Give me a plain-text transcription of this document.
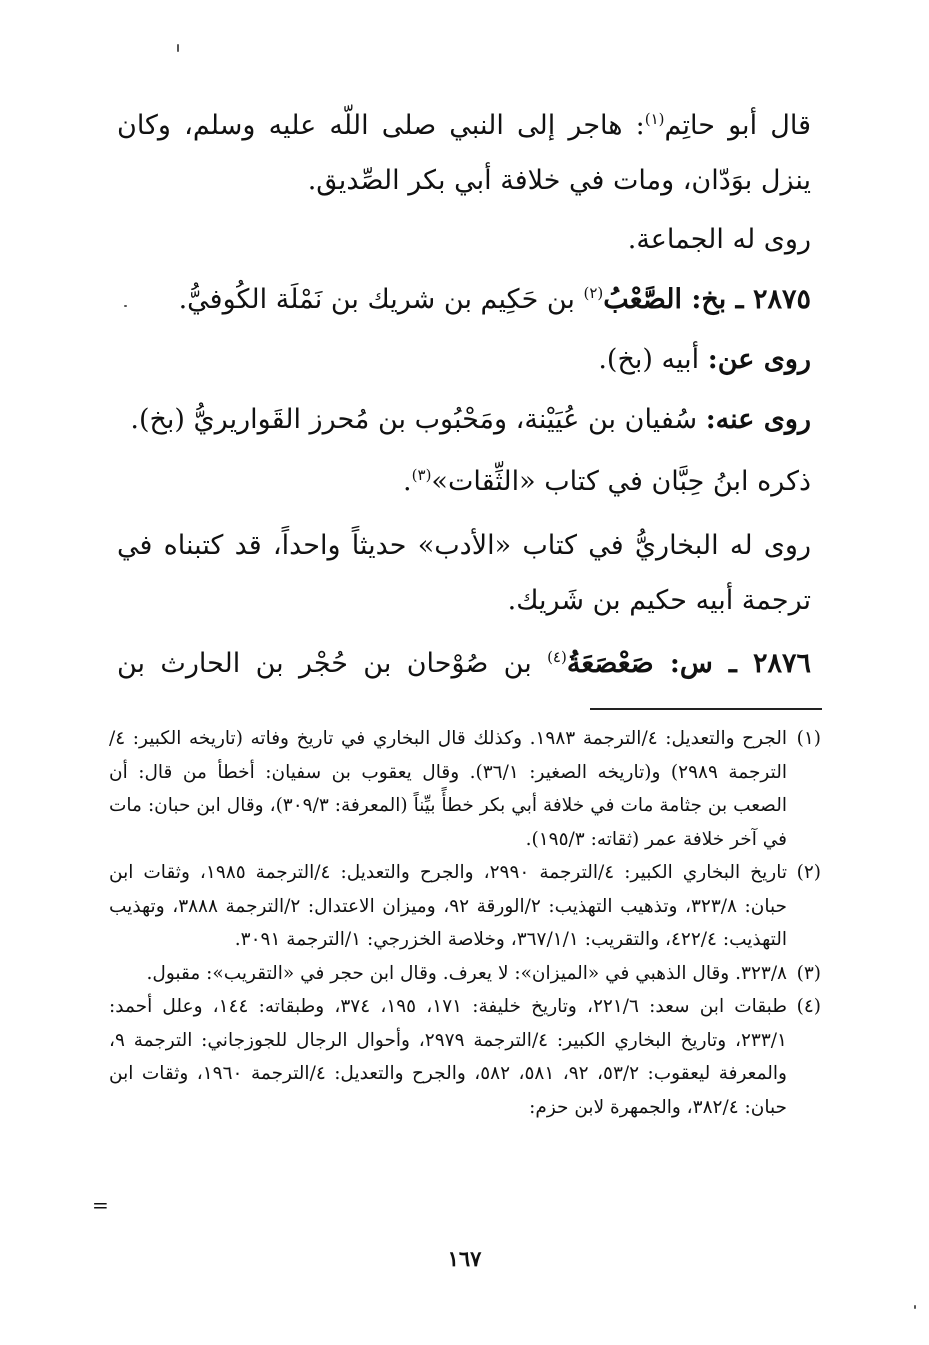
قال أبو حاتِم$^{(١)}$: هاجر إلى النبي صلى اللّه عليه وسلم، وكان
ينزل بوَدّان، ومات في خلافة أبي بكر الصِّديق.
روى له الجماعة.
٢٨٧٥ ـ بخ: الصَّعْبُ$^{(٢)}$ بن حَكِيم بن شريك بن نَمْلَة الكُوفيُّ.
روى عن: أبيه (بخ).
روى عنه: سُفيان بن عُيَيْنة، ومَحْبُوب بن مُحرز القَواريريُّ (بخ).
ذكره ابنُ حِبَّان في كتاب «الثِّقات»$^{(٣)}$.
روى له البخاريُّ في كتاب «الأدب» حديثاً واحداً، قد كتبناه في ترجمة أبيه حكيم بن شَريك.
٢٨٧٦ ـ س: صَعْصَعَةُ$^{(٤)}$ بن صُوْحان بن حُجْر بن الحارث بن
(١)
الجرح والتعديل: ٤/الترجمة ١٩٨٣. وكذلك قال البخاري في تاريخ وفاته (تاريخه الكبير: ٤/الترجمة ٢٩٨٩) و(تاريخه الصغير: ٣٦/١). وقال يعقوب بن سفيان: أخطأ من قال: أن الصعب بن جثامة مات في خلافة أبي بكر خطأً بيِّناً (المعرفة: ٣٠٩/٣)، وقال ابن حبان: مات في آخر خلافة عمر (ثقاته: ١٩٥/٣).
(٢)
تاريخ البخاري الكبير: ٤/الترجمة ٢٩٩٠، والجرح والتعديل: ٤/الترجمة ١٩٨٥، وثقات ابن حبان: ٣٢٣/٨، وتذهيب التهذيب: ٢/الورقة ٩٢، وميزان الاعتدال: ٢/الترجمة ٣٨٨٨، وتهذيب التهذيب: ٤٢٢/٤، والتقريب: ٣٦٧/١/١، وخلاصة الخزرجي: ١/الترجمة ٣٠٩١.
(٣)
٣٢٣/٨. وقال الذهبي في «الميزان»: لا يعرف. وقال ابن حجر في «التقريب»: مقبول.
(٤)
طبقات ابن سعد: ٢٢١/٦، وتاريخ خليفة: ١٧١، ١٩٥، ٣٧٤، وطبقاته: ١٤٤، وعلل أحمد: ٢٣٣/١، وتاريخ البخاري الكبير: ٤/الترجمة ٢٩٧٩، وأحوال الرجال للجوزجاني: الترجمة ٩، والمعرفة ليعقوب: ٥٣/٢، ٩٢، ٥٨١، ٥٨٢، والجرح والتعديل: ٤/الترجمة ١٩٦٠، وثقات ابن حبان: ٣٨٢/٤، والجمهرة لابن حزم:
=
١٦٧
